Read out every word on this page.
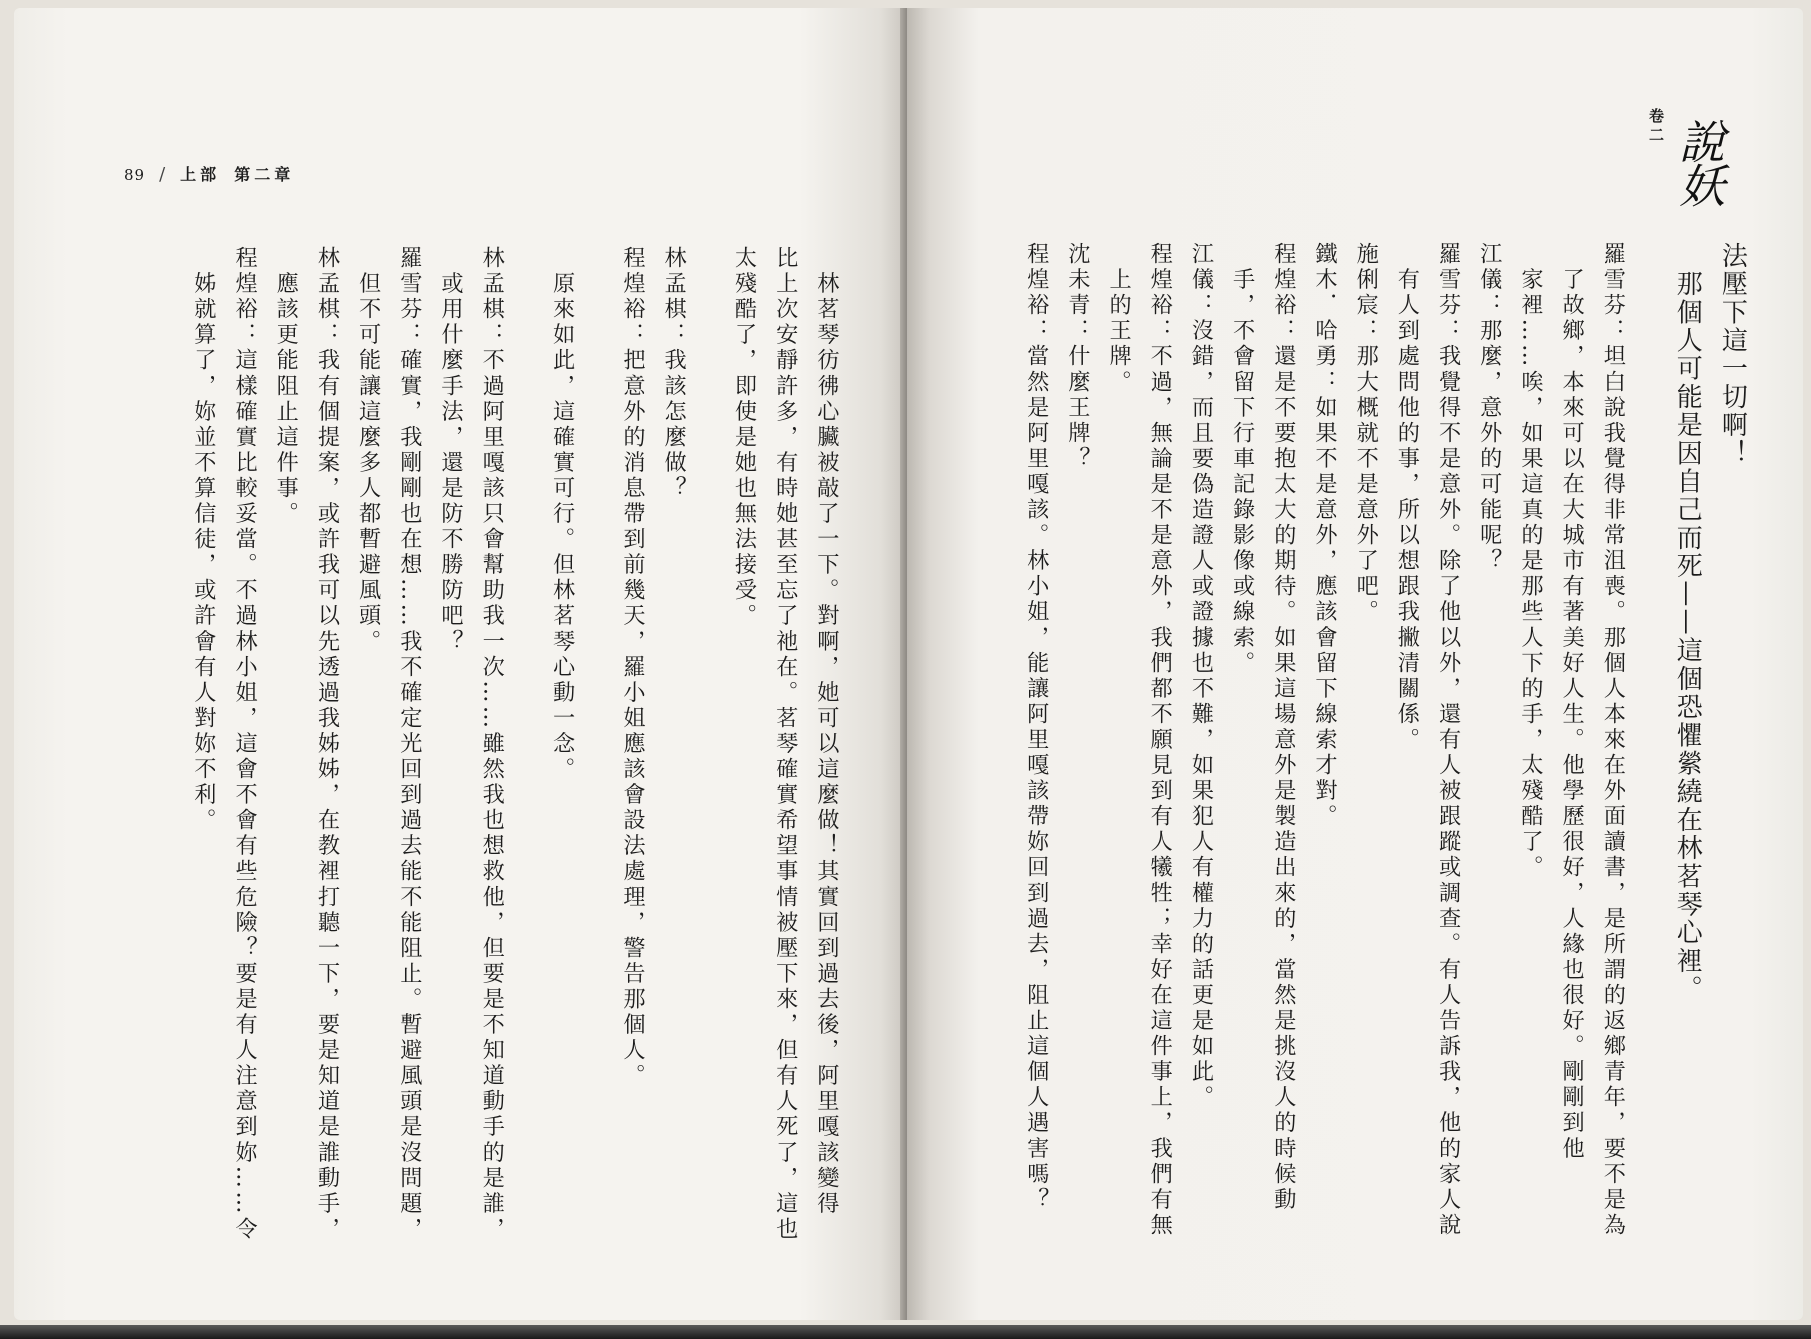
89 / 上部 第二章
　林茗琴彷彿心臟被敲了一下。對啊，她可以這麼做！其實回到過去後，阿里嘎該變得
比上次安靜許多，有時她甚至忘了祂在。茗琴確實希望事情被壓下來，但有人死了，這也
太殘酷了，即使是她也無法接受。
林孟棋：我該怎麼做？
程煌裕：把意外的消息帶到前幾天，羅小姐應該會設法處理，警告那個人。
　原來如此，這確實可行。但林茗琴心動一念。
林孟棋：不過阿里嘎該只會幫助我一次……雖然我也想救他，但要是不知道動手的是誰，
　或用什麼手法，還是防不勝防吧？
羅雪芬：確實，我剛剛也在想……我不確定光回到過去能不能阻止。暫避風頭是沒問題，
　但不可能讓這麼多人都暫避風頭。
林孟棋：我有個提案，或許我可以先透過我姊姊，在教裡打聽一下，要是知道是誰動手，
　應該更能阻止這件事。
程煌裕：這樣確實比較妥當。不過林小姐，這會不會有些危險？要是有人注意到妳……令
　姊就算了，妳並不算信徒，或許會有人對妳不利。
卷二 說妖
法壓下這一切啊！
　那個人可能是因自己而死——這個恐懼縈繞在林茗琴心裡。
羅雪芬：坦白說我覺得非常沮喪。那個人本來在外面讀書，是所謂的返鄉青年，要不是為
　了故鄉，本來可以在大城市有著美好人生。他學歷很好，人緣也很好。剛剛到他
　家裡……唉，如果這真的是那些人下的手，太殘酷了。
江儀：那麼，意外的可能呢？
羅雪芬：我覺得不是意外。除了他以外，還有人被跟蹤或調查。有人告訴我，他的家人說
　有人到處問他的事，所以想跟我撇清關係。
施俐宸：那大概就不是意外了吧。
鐵木．哈勇：如果不是意外，應該會留下線索才對。
程煌裕：還是不要抱太大的期待。如果這場意外是製造出來的，當然是挑沒人的時候動
　手，不會留下行車記錄影像或線索。
江儀：沒錯，而且要偽造證人或證據也不難，如果犯人有權力的話更是如此。
程煌裕：不過，無論是不是意外，我們都不願見到有人犧牲；幸好在這件事上，我們有無
　上的王牌。
沈未青：什麼王牌？
程煌裕：當然是阿里嘎該。林小姐，能讓阿里嘎該帶妳回到過去，阻止這個人遇害嗎？
